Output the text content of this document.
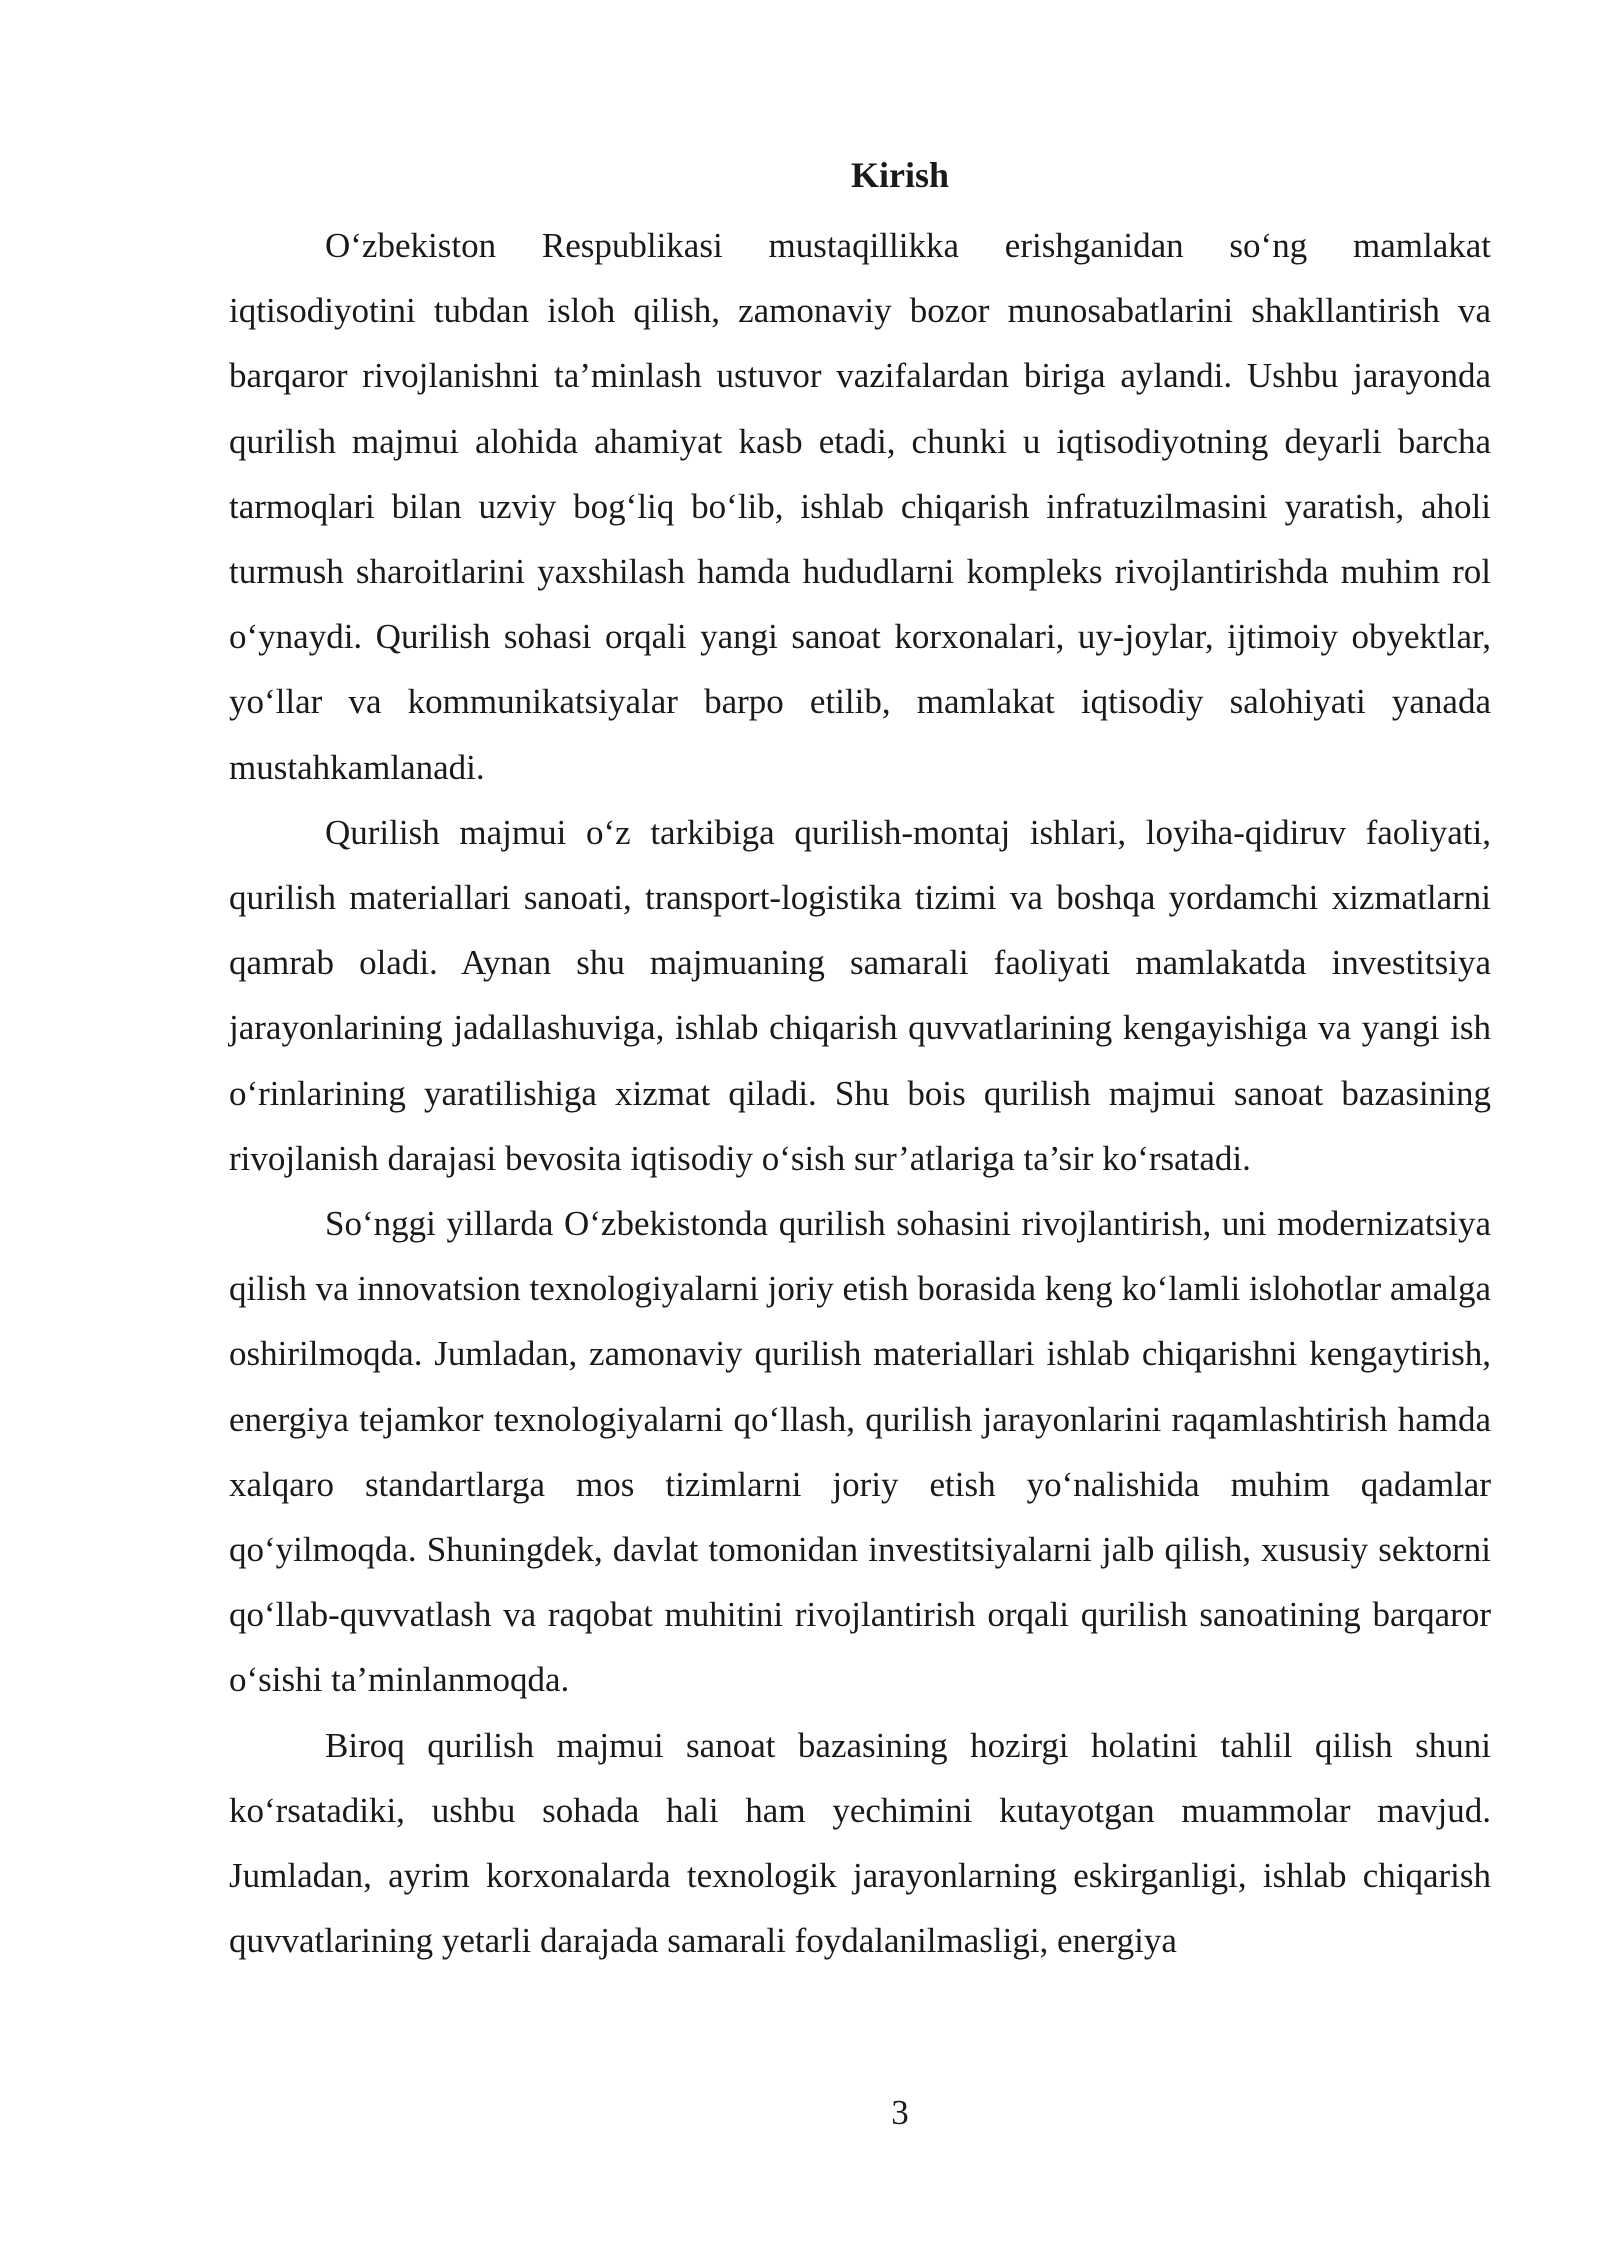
Kirish

O‘zbekiston Respublikasi mustaqillikka erishganidan so‘ng mamlakat iqtisodiyotini tubdan isloh qilish, zamonaviy bozor munosabatlarini shakllantirish va barqaror rivojlanishni ta’minlash ustuvor vazifalardan biriga aylandi. Ushbu jarayonda qurilish majmui alohida ahamiyat kasb etadi, chunki u iqtisodiyotning deyarli barcha tarmoqlari bilan uzviy bog‘liq bo‘lib, ishlab chiqarish infratuzilmasini yaratish, aholi turmush sharoitlarini yaxshilash hamda hududlarni kompleks rivojlantirishda muhim rol o‘ynaydi. Qurilish sohasi orqali yangi sanoat korxonalari, uy-joylar, ijtimoiy obyektlar, yo‘llar va kommunikatsiyalar barpo etilib, mamlakat iqtisodiy salohiyati yanada mustahkamlanadi.

Qurilish majmui o‘z tarkibiga qurilish-montaj ishlari, loyiha-qidiruv faoliyati, qurilish materiallari sanoati, transport-logistika tizimi va boshqa yordamchi xizmatlarni qamrab oladi. Aynan shu majmuaning samarali faoliyati mamlakatda investitsiya jarayonlarining jadallashuviga, ishlab chiqarish quvvatlarining kengayishiga va yangi ish o‘rinlarining yaratilishiga xizmat qiladi. Shu bois qurilish majmui sanoat bazasining rivojlanish darajasi bevosita iqtisodiy o‘sish sur’atlariga ta’sir ko‘rsatadi.

So‘nggi yillarda O‘zbekistonda qurilish sohasini rivojlantirish, uni modernizatsiya qilish va innovatsion texnologiyalarni joriy etish borasida keng ko‘lamli islohotlar amalga oshirilmoqda. Jumladan, zamonaviy qurilish materiallari ishlab chiqarishni kengaytirish, energiya tejamkor texnologiyalarni qo‘llash, qurilish jarayonlarini raqamlashtirish hamda xalqaro standartlarga mos tizimlarni joriy etish yo‘nalishida muhim qadamlar qo‘yilmoqda. Shuningdek, davlat tomonidan investitsiyalarni jalb qilish, xususiy sektorni qo‘llab-quvvatlash va raqobat muhitini rivojlantirish orqali qurilish sanoatining barqaror o‘sishi ta’minlanmoqda.

Biroq qurilish majmui sanoat bazasining hozirgi holatini tahlil qilish shuni ko‘rsatadiki, ushbu sohada hali ham yechimini kutayotgan muammolar mavjud. Jumladan, ayrim korxonalarda texnologik jarayonlarning eskirganligi, ishlab chiqarish quvvatlarining yetarli darajada samarali foydalanilmasligi, energiya

3
